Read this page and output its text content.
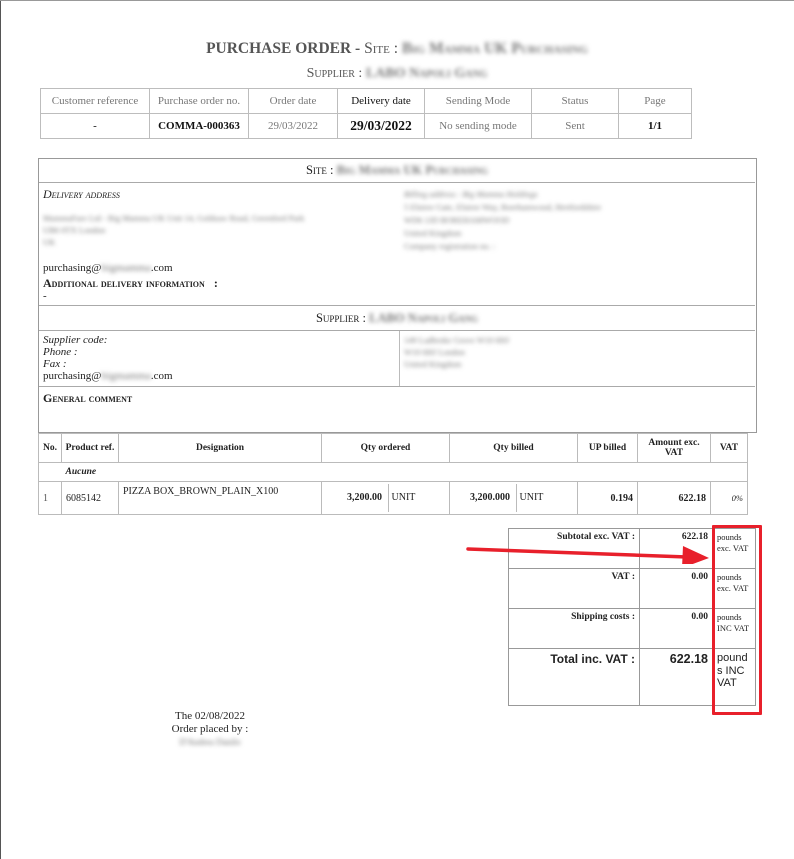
PURCHASE ORDER - Site : Big Mamma UK Purchasing
Supplier : LABO Napoli Gang
Customer reference	Purchase order no.	Order date	Delivery date	Sending Mode	Status	Page
-	COMMA-000363	29/03/2022	29/03/2022	No sending mode	Sent	1/1
Site : Big Mamma UK Purchasing
Delivery address
MammaFure Ltd - Big Mamma UK Unit 14, Goldsaw Road, Greenford Park
UB6 0TX London
UK
Billing address : Big Mamma Holdings
5 Elstree Gate, Elstree Way, Borehamwood, Hertfordshire
WD6 1JD BOREHAMWOOD
United Kingdom
Company registration no. :
purchasing@bigmamma.com
Additional delivery information :
-
Supplier : LABO Napoli Gang
Supplier code:
Phone :
Fax :
purchasing@bigmamma.com
149 Ladbroke Grove W10 6HJ
W10 6HJ London
United Kingdom
General comment
No.	Product ref.	Designation	Qty ordered	Qty billed	UP billed	Amount exc. VAT	VAT
	Aucune						
1	6085142	PIZZA BOX_BROWN_PLAIN_X100	3,200.00 UNIT	3,200.000 UNIT	0.194	622.18	0%
Subtotal exc. VAT :	622.18	pounds exc. VAT
VAT :	0.00	pounds exc. VAT
Shipping costs :	0.00	pounds INC VAT
Total inc. VAT :	622.18	pounds INC VAT
The 02/08/2022
Order placed by :
D'Andrea Danilo
